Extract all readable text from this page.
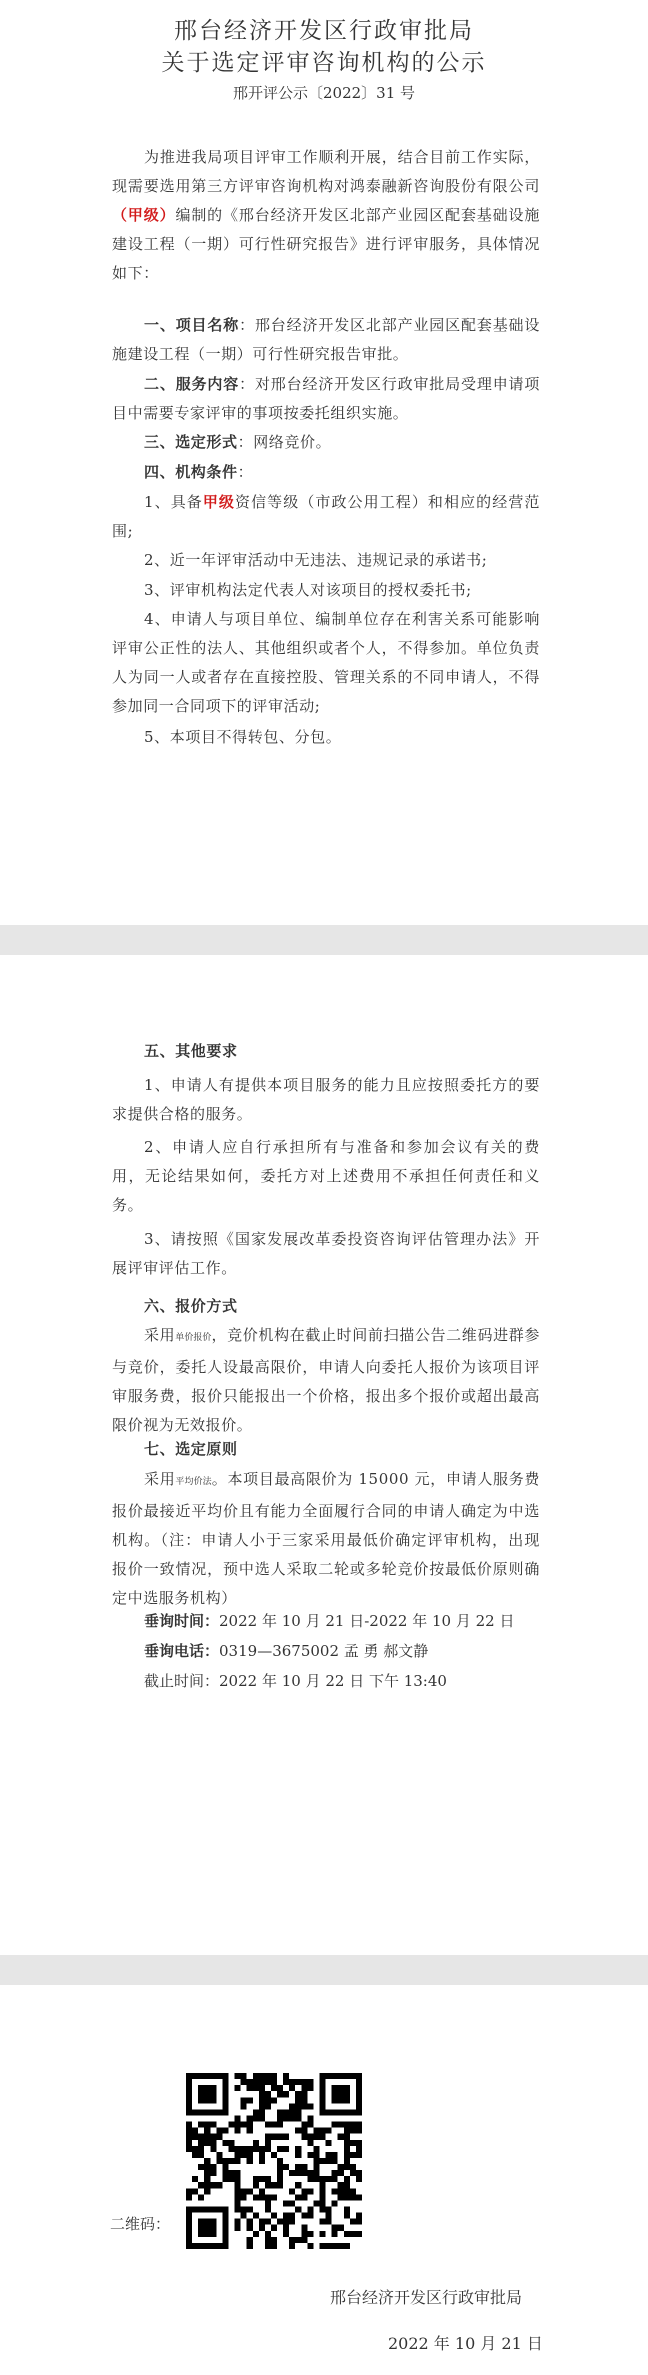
邢台经济开发区行政审批局
关于选定评审咨询机构的公示
邢开评公示〔2022〕31 号

为推进我局项目评审工作顺利开展，结合目前工作实际，现需要选用第三方评审咨询机构对鸿泰融新咨询股份有限公司（甲级）编制的《邢台经济开发区北部产业园区配套基础设施建设工程（一期）可行性研究报告》进行评审服务，具体情况如下：

一、项目名称：邢台经济开发区北部产业园区配套基础设施建设工程（一期）可行性研究报告审批。

二、服务内容：对邢台经济开发区行政审批局受理申请项目中需要专家评审的事项按委托组织实施。

三、选定形式：网络竞价。

四、机构条件：

1、具备甲级资信等级（市政公用工程）和相应的经营范围;

2、近一年评审活动中无违法、违规记录的承诺书;

3、评审机构法定代表人对该项目的授权委托书;

4、申请人与项目单位、编制单位存在利害关系可能影响评审公正性的法人、其他组织或者个人，不得参加。单位负责人为同一人或者存在直接控股、管理关系的不同申请人，不得参加同一合同项下的评审活动;

5、本项目不得转包、分包。

五、其他要求

1、申请人有提供本项目服务的能力且应按照委托方的要求提供合格的服务。

2、申请人应自行承担所有与准备和参加会议有关的费用，无论结果如何，委托方对上述费用不承担任何责任和义务。

3、请按照《国家发展改革委投资咨询评估管理办法》开展评审评估工作。

六、报价方式

采用单价报价，竞价机构在截止时间前扫描公告二维码进群参与竞价，委托人设最高限价，申请人向委托人报价为该项目评审服务费，报价只能报出一个价格，报出多个报价或超出最高限价视为无效报价。

七、选定原则

采用平均价法。本项目最高限价为 15000 元，申请人服务费报价最接近平均价且有能力全面履行合同的申请人确定为中选机构。（注：申请人小于三家采用最低价确定评审机构，出现报价一致情况，预中选人采取二轮或多轮竞价按最低价原则确定中选服务机构）

垂询时间：2022 年 10 月 21 日-2022 年 10 月 22 日
垂询电话：0319—3675002 孟 勇 郝文静
截止时间：2022 年 10 月 22 日 下午 13:40
二维码：
邢台经济开发区行政审批局
2022 年 10 月 21 日
